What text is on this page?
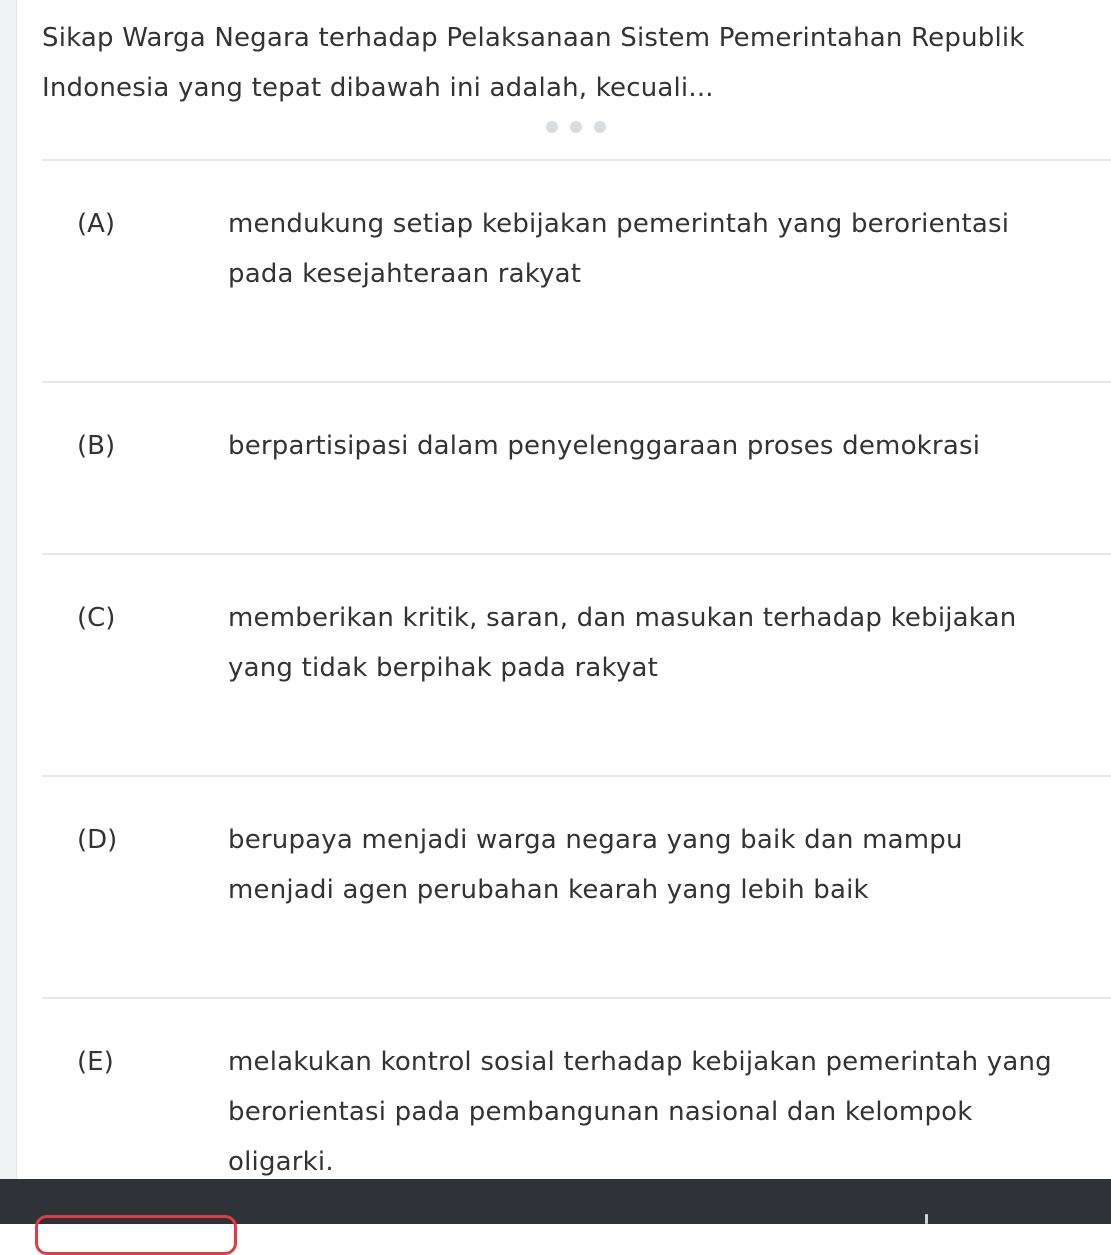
Sikap Warga Negara terhadap Pelaksanaan Sistem Pemerintahan Republik Indonesia yang tepat dibawah ini adalah, kecuali...
(A)	mendukung setiap kebijakan pemerintah yang berorientasi pada kesejahteraan rakyat
(B)	berpartisipasi dalam penyelenggaraan proses demokrasi
(C)	memberikan kritik, saran, dan masukan terhadap kebijakan yang tidak berpihak pada rakyat
(D)	berupaya menjadi warga negara yang baik dan mampu menjadi agen perubahan kearah yang lebih baik
(E)	melakukan kontrol sosial terhadap kebijakan pemerintah yang berorientasi pada pembangunan nasional dan kelompok oligarki.
